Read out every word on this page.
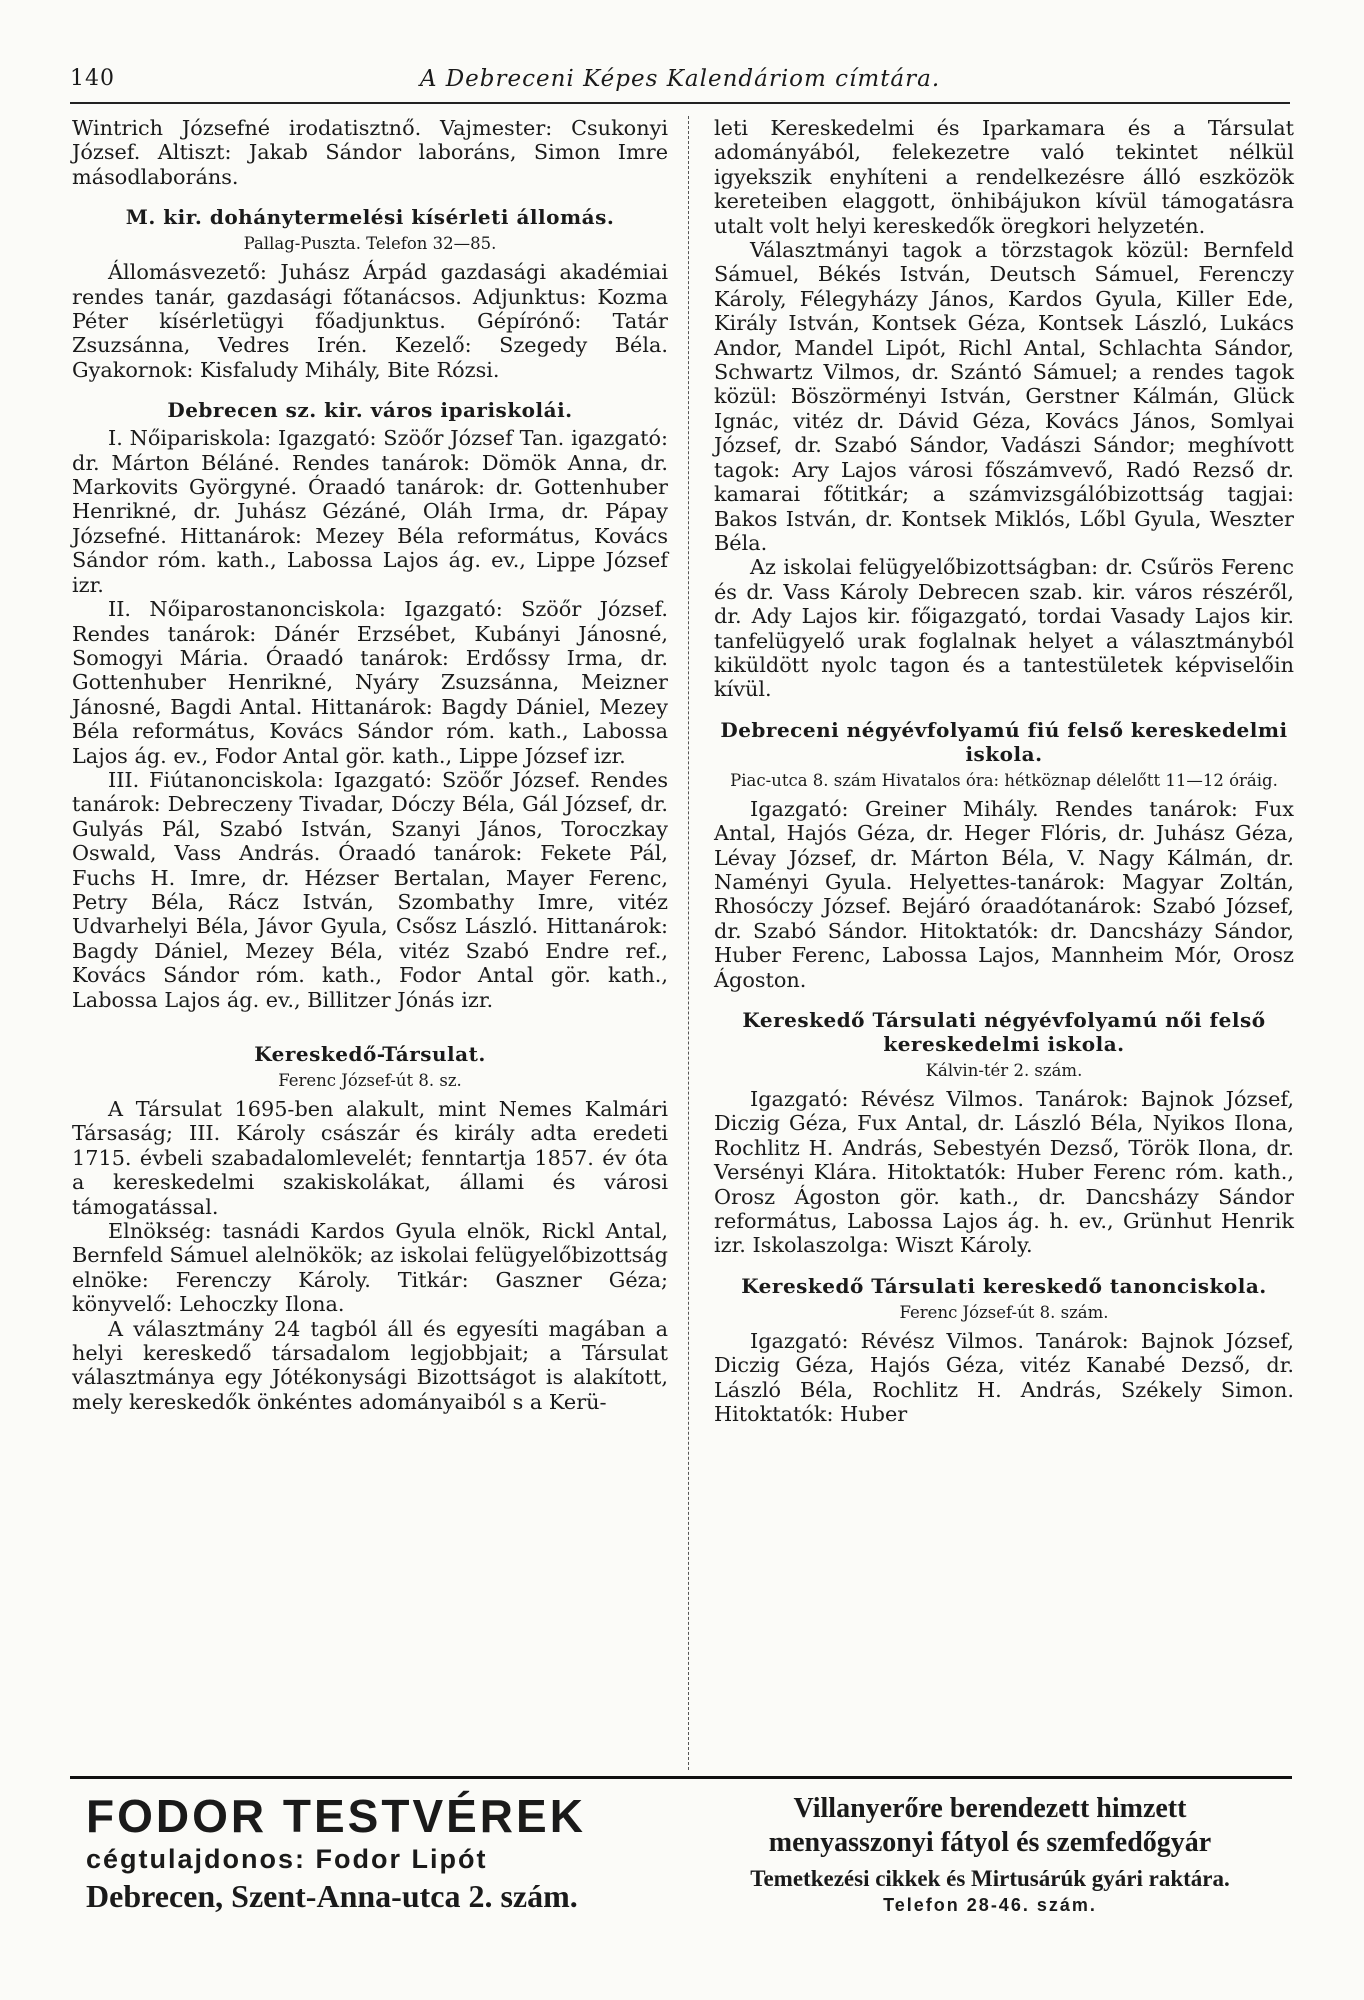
140	A Debreceni Képes Kalendáriom címtára.

Wintrich Józsefné irodatisztnő. Vajmester: Csukonyi József. Altiszt: Jakab Sándor laboráns, Simon Imre másodlaboráns.

M. kir. dohánytermelési kísérleti állomás.
Pallag-Puszta. Telefon 32—85.

Állomásvezető: Juhász Árpád gazdasági akadémiai rendes tanár, gazdasági főtanácsos. Adjunktus: Kozma Péter kísérletügyi főadjunktus. Gépírónő: Tatár Zsuzsánna, Vedres Irén. Kezelő: Szegedy Béla. Gyakornok: Kisfaludy Mihály, Bite Rózsi.

Debrecen sz. kir. város ipariskolái.

I. Nőipariskola: Igazgató: Szöőr József Tan. igazgató: dr. Márton Béláné. Rendes tanárok: Dömök Anna, dr. Markovits Györgyné. Óraadó tanárok: dr. Gottenhuber Henrikné, dr. Juhász Gézáné, Oláh Irma, dr. Pápay Józsefné. Hittanárok: Mezey Béla református, Kovács Sándor róm. kath., Labossa Lajos ág. ev., Lippe József izr.

II. Nőiparostanonciskola: Igazgató: Szöőr József. Rendes tanárok: Dánér Erzsébet, Kubányi Jánosné, Somogyi Mária. Óraadó tanárok: Erdőssy Irma, dr. Gottenhuber Henrikné, Nyáry Zsuzsánna, Meizner Jánosné, Bagdi Antal. Hittanárok: Bagdy Dániel, Mezey Béla református, Kovács Sándor róm. kath., Labossa Lajos ág. ev., Fodor Antal gör. kath., Lippe József izr.

III. Fiútanonciskola: Igazgató: Szöőr József. Rendes tanárok: Debreczeny Tivadar, Dóczy Béla, Gál József, dr. Gulyás Pál, Szabó István, Szanyi János, Toroczkay Oswald, Vass András. Óraadó tanárok: Fekete Pál, Fuchs H. Imre, dr. Hézser Bertalan, Mayer Ferenc, Petry Béla, Rácz István, Szombathy Imre, vitéz Udvarhelyi Béla, Jávor Gyula, Csősz László. Hittanárok: Bagdy Dániel, Mezey Béla, vitéz Szabó Endre ref., Kovács Sándor róm. kath., Fodor Antal gör. kath., Labossa Lajos ág. ev., Billitzer Jónás izr.

Kereskedő-Társulat.
Ferenc József-út 8. sz.

A Társulat 1695-ben alakult, mint Nemes Kalmári Társaság; III. Károly császár és király adta eredeti 1715. évbeli szabadalomlevelét; fenntartja 1857. év óta a kereskedelmi szakiskolákat, állami és városi támogatással.

Elnökség: tasnádi Kardos Gyula elnök, Rickl Antal, Bernfeld Sámuel alelnökök; az iskolai felügyelőbizottság elnöke: Ferenczy Károly. Titkár: Gaszner Géza; könyvelő: Lehoczky Ilona.

A választmány 24 tagból áll és egyesíti magában a helyi kereskedő társadalom legjobbjait; a Társulat választmánya egy Jótékonysági Bizottságot is alakított, mely kereskedők önkéntes adományaiból s a Kerü-

leti Kereskedelmi és Iparkamara és a Társulat adományából, felekezetre való tekintet nélkül igyekszik enyhíteni a rendelkezésre álló eszközök kereteiben elaggott, önhibájukon kívül támogatásra utalt volt helyi kereskedők öregkori helyzetén.

Választmányi tagok a törzstagok közül: Bernfeld Sámuel, Békés István, Deutsch Sámuel, Ferenczy Károly, Félegyházy János, Kardos Gyula, Killer Ede, Király István, Kontsek Géza, Kontsek László, Lukács Andor, Mandel Lipót, Richl Antal, Schlachta Sándor, Schwartz Vilmos, dr. Szántó Sámuel; a rendes tagok közül: Böszörményi István, Gerstner Kálmán, Glück Ignác, vitéz dr. Dávid Géza, Kovács János, Somlyai József, dr. Szabó Sándor, Vadászi Sándor; meghívott tagok: Ary Lajos városi főszámvevő, Radó Rezső dr. kamarai főtitkár; a számvizsgálóbizottság tagjai: Bakos István, dr. Kontsek Miklós, Lőbl Gyula, Weszter Béla.

Az iskolai felügyelőbizottságban: dr. Csűrös Ferenc és dr. Vass Károly Debrecen szab. kir. város részéről, dr. Ady Lajos kir. főigazgató, tordai Vasady Lajos kir. tanfelügyelő urak foglalnak helyet a választmányból kiküldött nyolc tagon és a tantestületek képviselőin kívül.

Debreceni négyévfolyamú fiú felső kereskedelmi iskola.
Piac-utca 8. szám Hivatalos óra: hétköznap délelőtt 11—12 óráig.

Igazgató: Greiner Mihály. Rendes tanárok: Fux Antal, Hajós Géza, dr. Heger Flóris, dr. Juhász Géza, Lévay József, dr. Márton Béla, V. Nagy Kálmán, dr. Naményi Gyula. Helyettes-tanárok: Magyar Zoltán, Rhosóczy József. Bejáró óraadótanárok: Szabó József, dr. Szabó Sándor. Hitoktatók: dr. Dancsházy Sándor, Huber Ferenc, Labossa Lajos, Mannheim Mór, Orosz Ágoston.

Kereskedő Társulati négyévfolyamú női felső kereskedelmi iskola.
Kálvin-tér 2. szám.

Igazgató: Révész Vilmos. Tanárok: Bajnok József, Diczig Géza, Fux Antal, dr. László Béla, Nyikos Ilona, Rochlitz H. András, Sebestyén Dezső, Török Ilona, dr. Versényi Klára. Hitoktatók: Huber Ferenc róm. kath., Orosz Ágoston gör. kath., dr. Dancsházy Sándor református, Labossa Lajos ág. h. ev., Grünhut Henrik izr. Iskolaszolga: Wiszt Károly.

Kereskedő Társulati kereskedő tanonciskola.
Ferenc József-út 8. szám.

Igazgató: Révész Vilmos. Tanárok: Bajnok József, Diczig Géza, Hajós Géza, vitéz Kanabé Dezső, dr. László Béla, Rochlitz H. András, Székely Simon. Hitoktatók: Huber

FODOR TESTVÉREK
cégtulajdonos: Fodor Lipót
Debrecen, Szent-Anna-utca 2. szám.
Villanyerőre berendezett himzett
menyasszonyi fátyol és szemfedőgyár
Temetkezési cikkek és Mirtusárúk gyári raktára.
Telefon 28-46. szám.
